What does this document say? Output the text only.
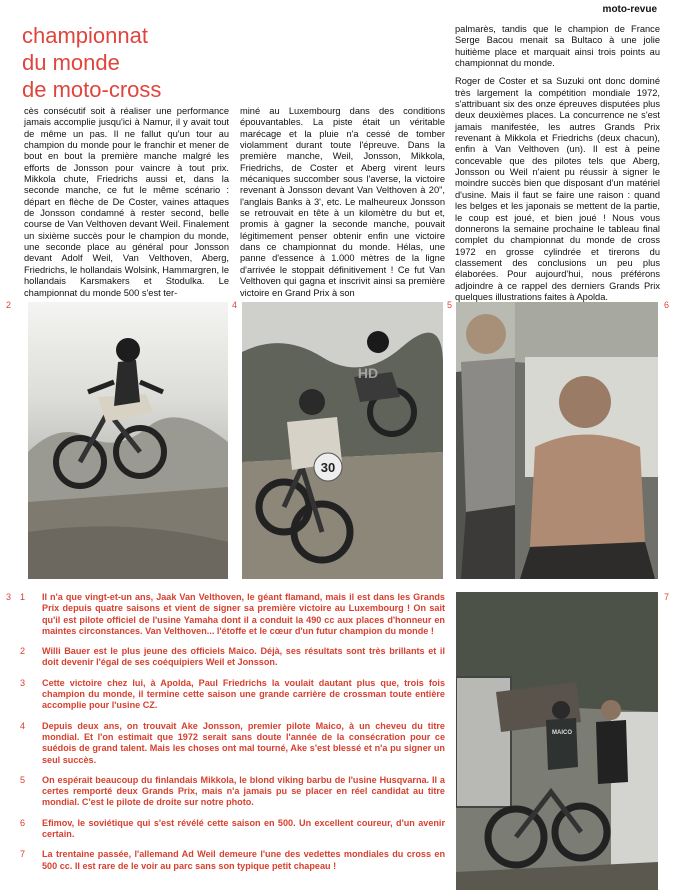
moto-revue
championnat
du monde
de moto-cross

cès consécutif soit à réaliser une performance jamais accomplie jusqu'ici à Namur, il y avait tout de même un pas. Il ne fallut qu'un tour au champion du monde pour le franchir et mener de bout en bout la première manche malgré les efforts de Jonsson pour vaincre à tout prix. Mikkola chute, Friedrichs aussi et, dans la seconde manche, ce fut le même scénario : départ en flèche de De Coster, vaines attaques de Jonsson condamné à rester second, belle course de Van Velthoven devant Weil. Finalement un sixième succès pour le champion du monde, une seconde place au général pour Jonsson devant Adolf Weil, Van Velthoven, Aberg, Friedrichs, le hollandais Wolsink, Hammargren, le hollandais Karsmakers et Stodulka. Le championnat du monde 500 s'est ter-

miné au Luxembourg dans des conditions épouvantables. La piste était un véritable marécage et la pluie n'a cessé de tomber violamment durant toute l'épreuve. Dans la première manche, Weil, Jonsson, Mikkola, Friedrichs, de Coster et Aberg virent leurs mécaniques succomber sous l'averse, la victoire revenant à Jonsson devant Van Velthoven à 20", l'anglais Banks à 3', etc. Le malheureux Jonsson se retrouvait en tête à un kilomètre du but et, promis à gagner la seconde manche, pouvait légitimement penser obtenir enfin une victoire dans ce championnat du monde. Hélas, une panne d'essence à 1.000 mètres de la ligne d'arrivée le stoppait définitivement ! Ce fut Van Velthoven qui gagna et inscrivit ainsi sa première victoire en Grand Prix à son

palmarès, tandis que le champion de France Serge Bacou menait sa Bultaco à une jolie huitième place et marquait ainsi trois points au championnat du monde.

Roger de Coster et sa Suzuki ont donc dominé très largement la compétition mondiale 1972, s'attribuant six des onze épreuves disputées plus deux deuxièmes places. La concurrence ne s'est jamais manifestée, les autres Grands Prix revenant à Mikkola et Friedrichs (deux chacun), enfin à Van Velthoven (un). Il est à peine concevable que des pilotes tels que Aberg, Jonsson ou Weil n'aient pu réussir à signer le moindre succès bien que disposant d'un matériel d'usine. Mais il faut se faire une raison : quand les belges et les japonais se mettent de la partie, le coup est joué, et bien joué ! Nous vous donnerons la semaine prochaine le tableau final complet du championnat du monde de cross 1972 en grosse cylindrée et tirerons du classement des conclusions un peu plus élaborées. Pour aujourd'hui, nous préférons adjoindre à ce rappel des derniers Grands Prix quelques illustrations faites à Apolda.

2	4	5	6
3	7
30
HD
MAICO
1	Il n'a que vingt-et-un ans, Jaak Van Velthoven, le géant flamand, mais il est dans les Grands Prix depuis quatre saisons et vient de signer sa première victoire au Luxembourg ! On sait qu'il est pilote officiel de l'usine Yamaha dont il a conduit la 490 cc aux places d'honneur en maintes circonstances. Van Velthoven... l'étoffe et le cœur d'un futur champion du monde !
2	Willi Bauer est le plus jeune des officiels Maico. Déjà, ses résultats sont très brillants et il doit devenir l'égal de ses coéquipiers Weil et Jonsson.
3	Cette victoire chez lui, à Apolda, Paul Friedrichs la voulait dautant plus que, trois fois champion du monde, il termine cette saison une grande carrière de crossman toute entière accomplie pour l'usine CZ.
4	Depuis deux ans, on trouvait Ake Jonsson, premier pilote Maico, à un cheveu du titre mondial. Et l'on estimait que 1972 serait sans doute l'année de la consécration pour ce suédois de grand talent. Mais les choses ont mal tourné, Ake s'est blessé et n'a pu signer un seul succès.
5	On espérait beaucoup du finlandais Mikkola, le blond viking barbu de l'usine Husqvarna. Il a certes remporté deux Grands Prix, mais n'a jamais pu se placer en réel candidat au titre mondial. C'est le pilote de droite sur notre photo.
6	Efimov, le soviétique qui s'est révélé cette saison en 500. Un excellent coureur, d'un avenir certain.
7	La trentaine passée, l'allemand Ad Weil demeure l'une des vedettes mondiales du cross en 500 cc. Il est rare de le voir au parc sans son typique petit chapeau !
